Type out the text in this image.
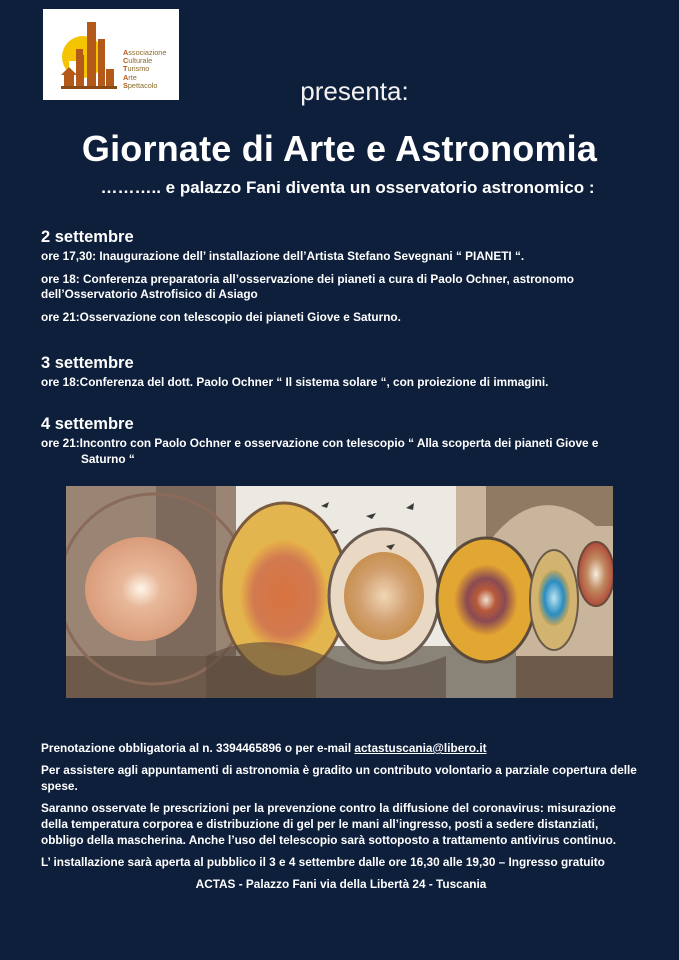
Associazione
Culturale
Turismo
Arte
Spettacolo	presenta:
Giornate di Arte e Astronomia
……….. e palazzo Fani diventa un osservatorio astronomico :
2 settembre
ore 17,30: Inaugurazione dell’ installazione dell’Artista Stefano Sevegnani “ PIANETI “.
ore 18: Conferenza preparatoria all’osservazione dei pianeti a cura di Paolo Ochner, astronomo dell’Osservatorio Astrofisico di Asiago
ore 21:Osservazione con telescopio dei pianeti Giove e Saturno.
3 settembre
ore 18:Conferenza del dott. Paolo Ochner “ Il sistema solare “, con proiezione di immagini.
4 settembre
ore 21:Incontro con Paolo Ochner e osservazione con telescopio “ Alla scoperta dei pianeti Giove e Saturno “
Prenotazione obbligatoria al n. 3394465896 o per e-mail actastuscania@libero.it
Per assistere agli appuntamenti di astronomia è gradito un contributo volontario a parziale copertura delle spese.
Saranno osservate le prescrizioni per la prevenzione contro la diffusione del coronavirus: misurazione della temperatura corporea e distribuzione di gel per le mani all’ingresso, posti a sedere distanziati, obbligo della mascherina. Anche l’uso del telescopio sarà sottoposto a trattamento antivirus continuo.
L’ installazione sarà aperta al pubblico il 3 e 4 settembre dalle ore 16,30 alle 19,30 – Ingresso gratuito
ACTAS - Palazzo Fani via della Libertà 24 - Tuscania
